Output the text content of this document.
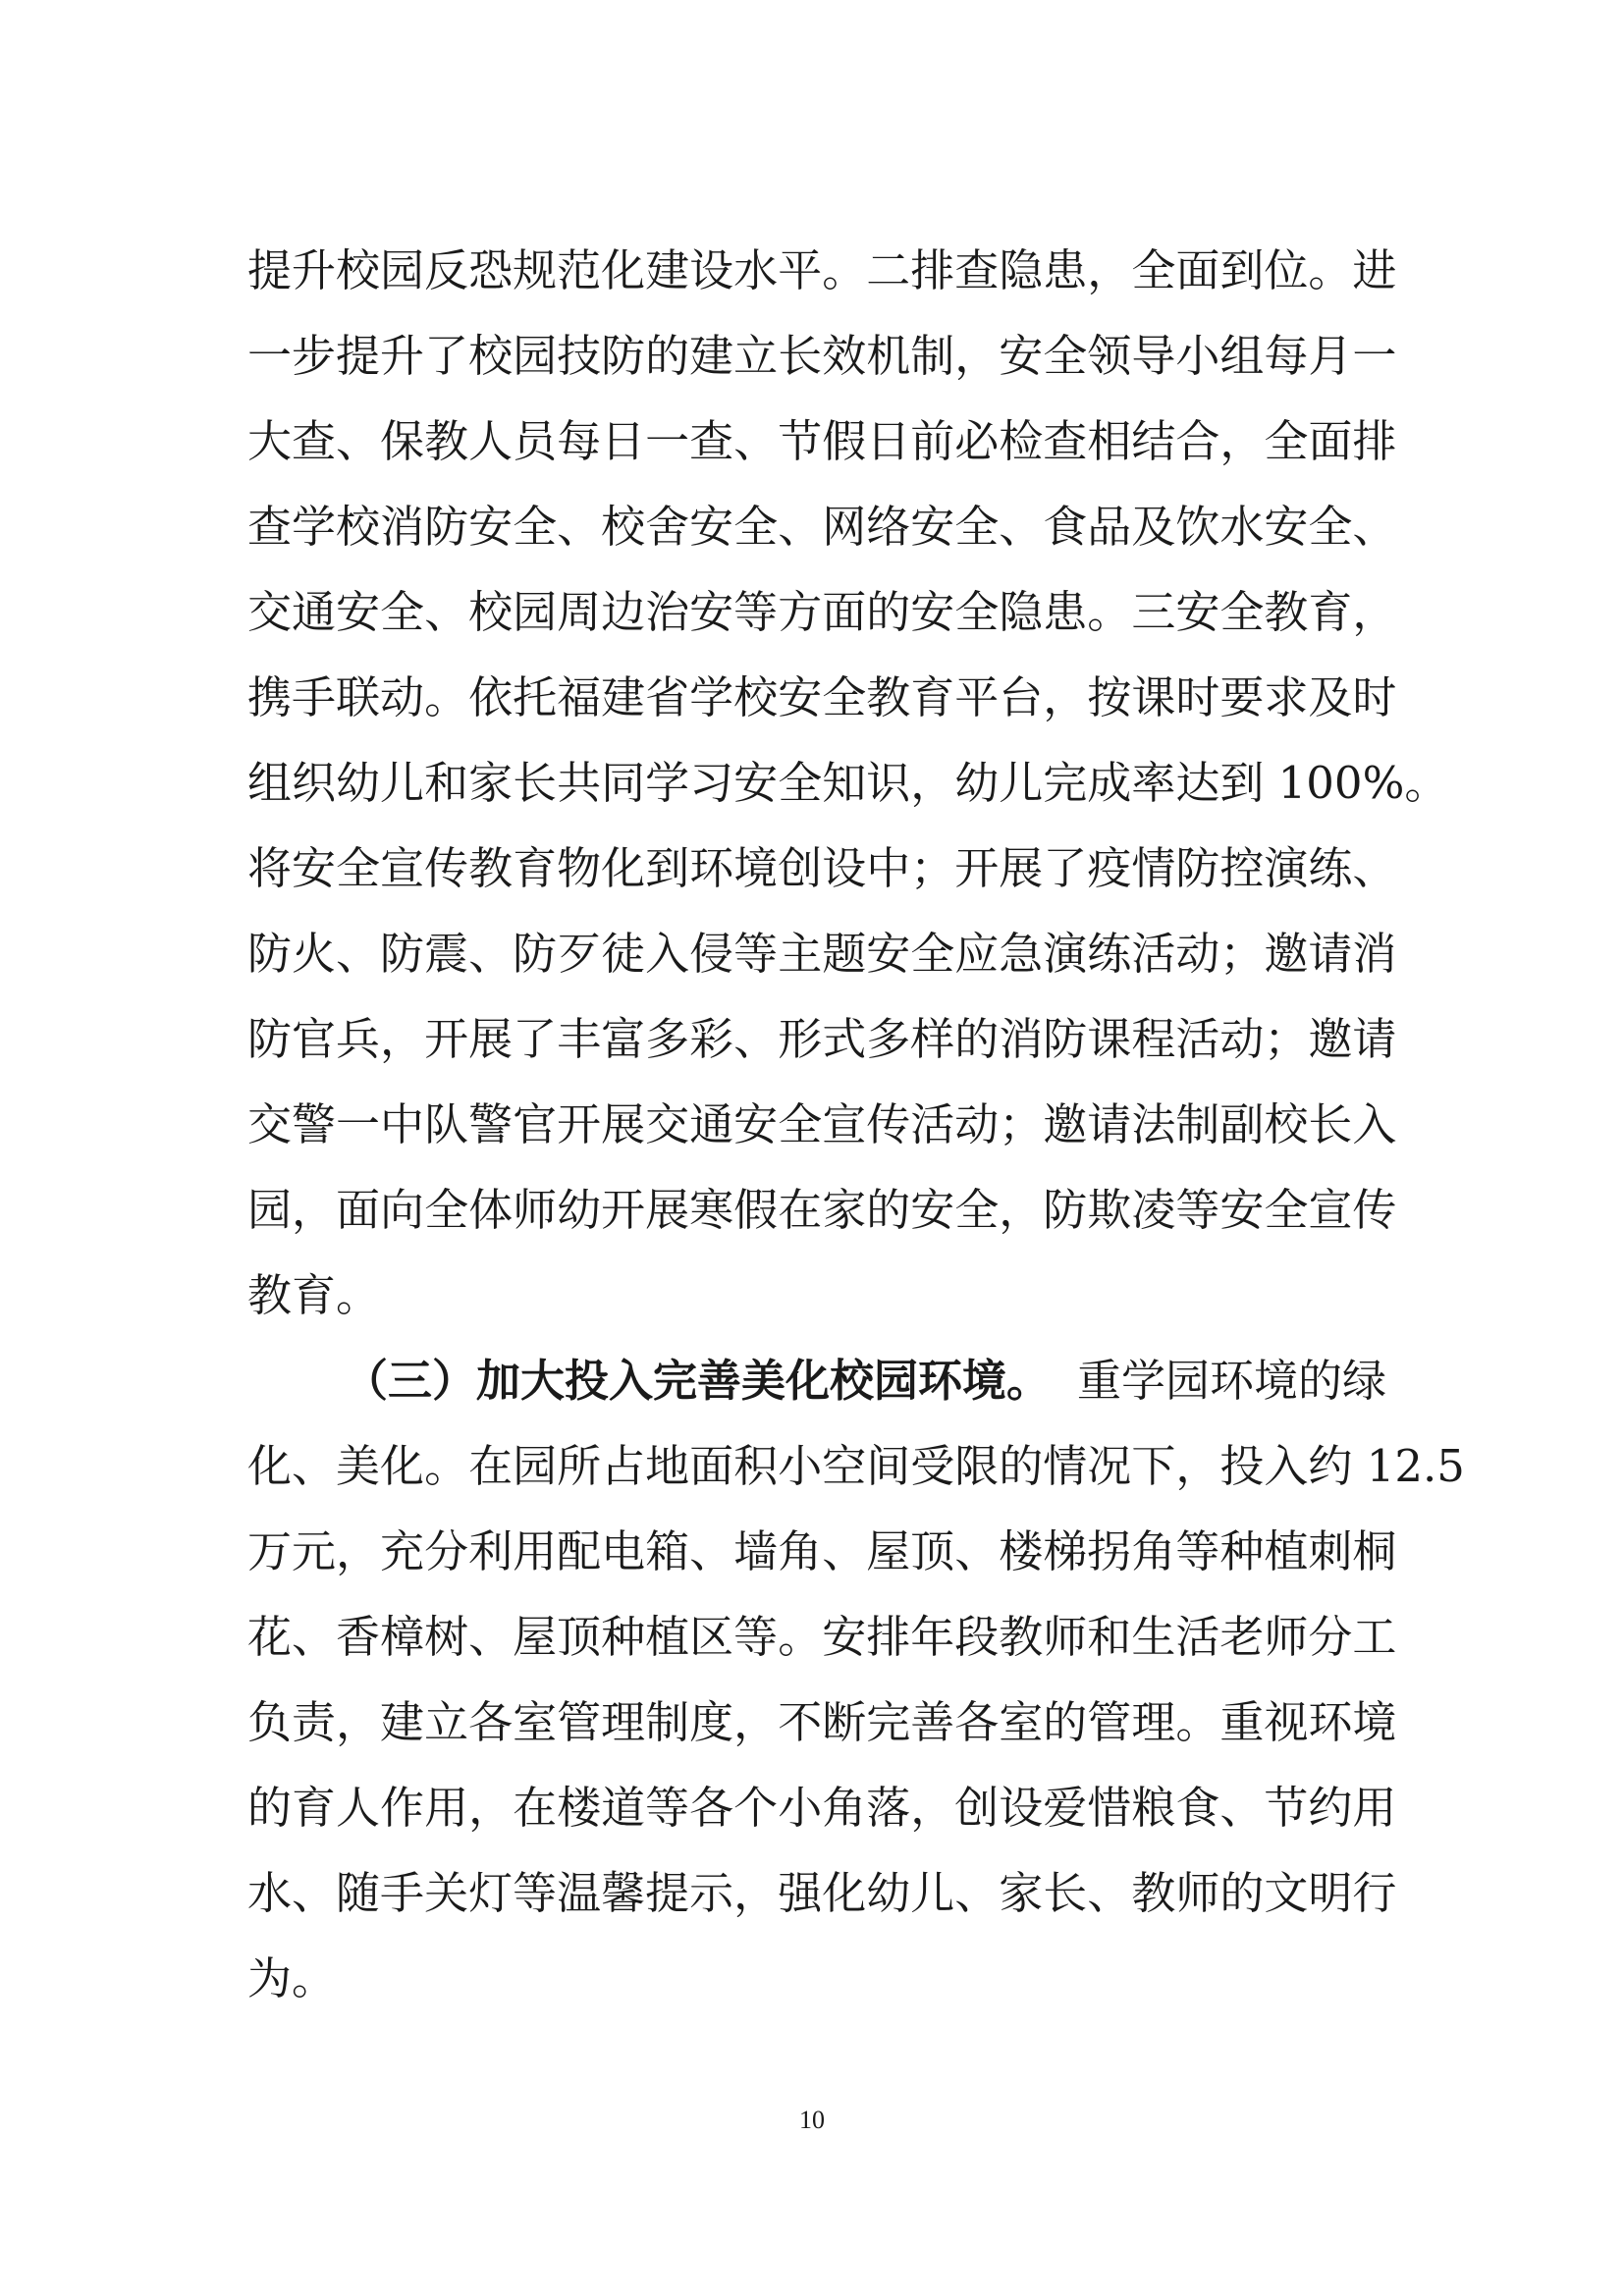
提 升 校 园 反 恐 规 范 化 建 设 水 平 。 二 排 查 隐 患 ， 全 面 到 位 。 进
一 步 提 升 了 校 园 技 防 的 建 立 长 效 机 制 ， 安 全 领 导 小 组 每 月 一
大 查 、 保 教 人 员 每 日 一 查 、 节 假 日 前 必 检 查 相 结 合 ， 全 面 排
查 学 校 消 防 安 全 、 校 舍 安 全 、 网 络 安 全 、 食 品 及 饮 水 安 全 、
交 通 安 全 、 校 园 周 边 治 安 等 方 面 的 安 全 隐 患 。 三 安 全 教 育 ，
携 手 联 动 。 依 托 福 建 省 学 校 安 全 教 育 平 台 ， 按 课 时 要 求 及 时
组 织 幼 儿 和 家 长 共 同 学 习 安 全 知 识 ， 幼 儿 完 成 率 达 到
100% 。
将 安 全 宣 传 教 育 物 化 到 环 境 创 设 中 ； 开 展 了 疫 情 防 控 演 练 、
防 火 、 防 震 、 防 歹 徒 入 侵 等 主 题 安 全 应 急 演 练 活 动 ； 邀 请 消
防 官 兵 ， 开 展 了 丰 富 多 彩 、 形 式 多 样 的 消 防 课 程 活 动 ； 邀 请
交 警 一 中 队 警 官 开 展 交 通 安 全 宣 传 活 动 ； 邀 请 法 制 副 校 长 入
园 ， 面 向 全 体 师 幼 开 展 寒 假 在 家 的 安 全 ， 防 欺 凌 等 安 全 宣 传
教育。
（三）加大投入完善美化校园环境。 重学园环境的绿
化 、 美 化 。 在 园 所 占 地 面 积 小 空 间 受 限 的 情 况 下 ， 投 入 约
12.5
万 元 ， 充 分 利 用 配 电 箱 、 墙 角 、 屋 顶 、 楼 梯 拐 角 等 种 植 刺 桐
花 、 香 樟 树 、 屋 顶 种 植 区 等 。 安 排 年 段 教 师 和 生 活 老 师 分 工
负 责 ， 建 立 各 室 管 理 制 度 ， 不 断 完 善 各 室 的 管 理 。 重 视 环 境
的 育 人 作 用 ， 在 楼 道 等 各 个 小 角 落 ， 创 设 爱 惜 粮 食 、 节 约 用
水 、 随 手 关 灯 等 温 馨 提 示 ， 强 化 幼 儿 、 家 长 、 教 师 的 文 明 行
为。
10
